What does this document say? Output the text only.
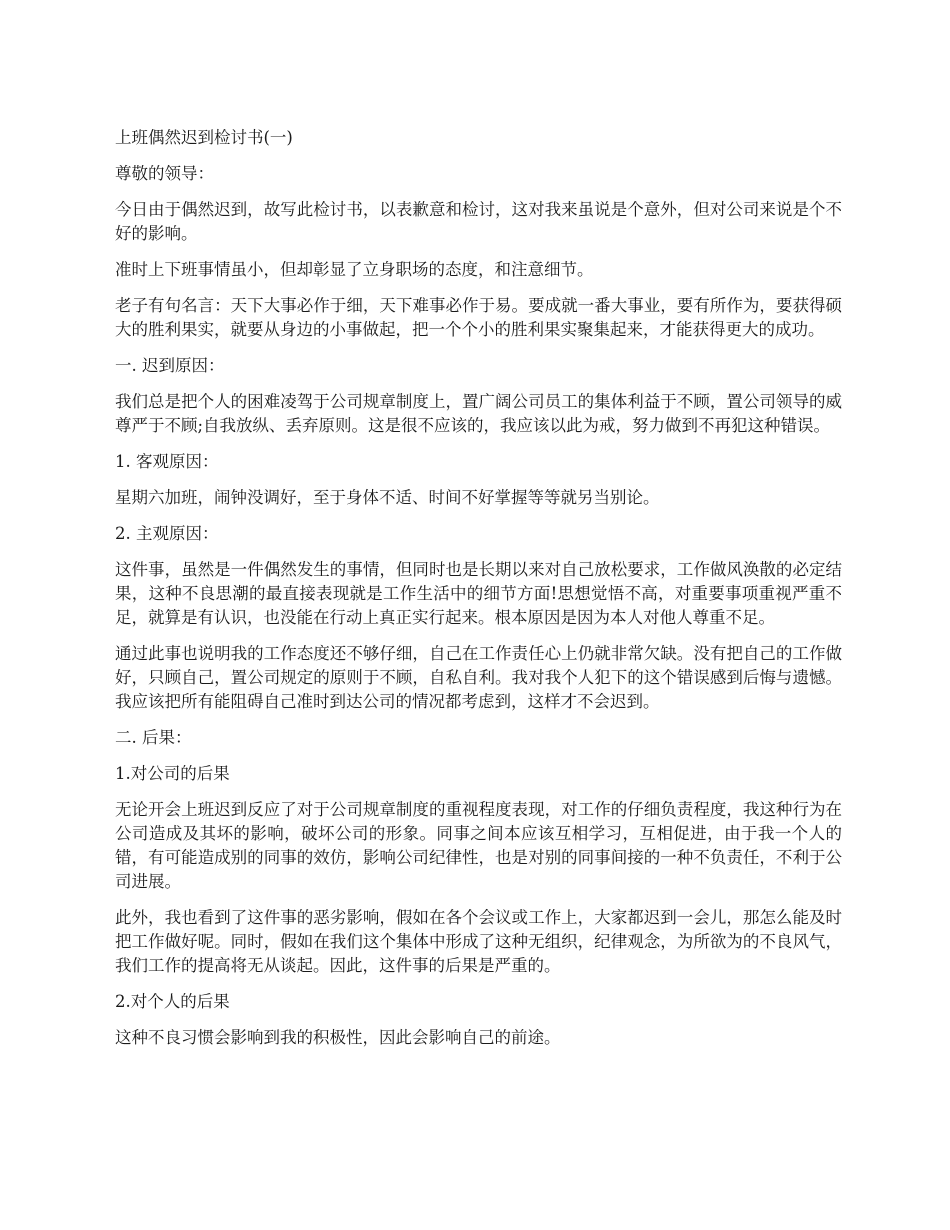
上班偶然迟到检讨书(一)

尊敬的领导：

今日由于偶然迟到，故写此检讨书，以表歉意和检讨，这对我来虽说是个意外，但对公司来说是个不好的影响。

准时上下班事情虽小，但却彰显了立身职场的态度，和注意细节。

老子有句名言：天下大事必作于细，天下难事必作于易。要成就一番大事业，要有所作为，要获得硕大的胜利果实，就要从身边的小事做起，把一个个小的胜利果实聚集起来，才能获得更大的成功。

一. 迟到原因：

我们总是把个人的困难凌驾于公司规章制度上，置广阔公司员工的集体利益于不顾，置公司领导的威尊严于不顾;自我放纵、丢弃原则。这是很不应该的，我应该以此为戒，努力做到不再犯这种错误。

1. 客观原因：

星期六加班，闹钟没调好，至于身体不适、时间不好掌握等等就另当别论。

2. 主观原因：

这件事，虽然是一件偶然发生的事情，但同时也是长期以来对自己放松要求，工作做风涣散的必定结果，这种不良思潮的最直接表现就是工作生活中的细节方面!思想觉悟不高，对重要事项重视严重不足，就算是有认识，也没能在行动上真正实行起来。根本原因是因为本人对他人尊重不足。

通过此事也说明我的工作态度还不够仔细，自己在工作责任心上仍就非常欠缺。没有把自己的工作做好，只顾自己，置公司规定的原则于不顾，自私自利。我对我个人犯下的这个错误感到后悔与遗憾。我应该把所有能阻碍自己准时到达公司的情况都考虑到，这样才不会迟到。

二. 后果：

1.对公司的后果

无论开会上班迟到反应了对于公司规章制度的重视程度表现，对工作的仔细负责程度，我这种行为在公司造成及其坏的影响，破坏公司的形象。同事之间本应该互相学习，互相促进，由于我一个人的错，有可能造成别的同事的效仿，影响公司纪律性，也是对别的同事间接的一种不负责任，不利于公司进展。

此外，我也看到了这件事的恶劣影响，假如在各个会议或工作上，大家都迟到一会儿，那怎么能及时把工作做好呢。同时，假如在我们这个集体中形成了这种无组织，纪律观念，为所欲为的不良风气，我们工作的提高将无从谈起。因此，这件事的后果是严重的。

2.对个人的后果

这种不良习惯会影响到我的积极性，因此会影响自己的前途。
